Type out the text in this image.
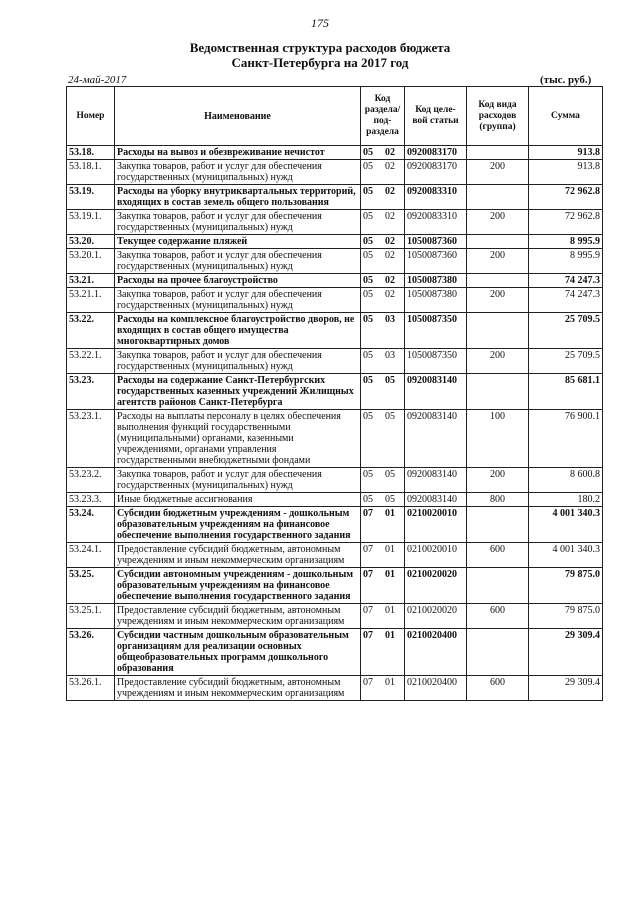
175
Ведомственная структура расходов бюджета
Санкт-Петербурга на 2017 год
24-май-2017	(тыс. руб.)
Номер	Наименование	Код раздела/ под- раздела	Код целе- вой статьи	Код вида расходов (группа)	Сумма
53.18.	Расходы на вывоз и обезвреживание нечистот	05 02	0920083170		913.8
53.18.1.	Закупка товаров, работ и услуг для обеспечения государственных (муниципальных) нужд	05 02	0920083170	200	913.8
53.19.	Расходы на уборку внутриквартальных территорий, входящих в состав земель общего пользования	05 02	0920083310		72 962.8
53.19.1.	Закупка товаров, работ и услуг для обеспечения государственных (муниципальных) нужд	05 02	0920083310	200	72 962.8
53.20.	Текущее содержание пляжей	05 02	1050087360		8 995.9
53.20.1.	Закупка товаров, работ и услуг для обеспечения государственных (муниципальных) нужд	05 02	1050087360	200	8 995.9
53.21.	Расходы на прочее благоустройство	05 02	1050087380		74 247.3
53.21.1.	Закупка товаров, работ и услуг для обеспечения государственных (муниципальных) нужд	05 02	1050087380	200	74 247.3
53.22.	Расходы на комплексное благоустройство дворов, не входящих в состав общего имущества многоквартирных домов	05 03	1050087350		25 709.5
53.22.1.	Закупка товаров, работ и услуг для обеспечения государственных (муниципальных) нужд	05 03	1050087350	200	25 709.5
53.23.	Расходы на содержание Санкт-Петербургских государственных казенных учреждений Жилищных агентств районов Санкт-Петербурга	05 05	0920083140		85 681.1
53.23.1.	Расходы на выплаты персоналу в целях обеспечения выполнения функций государственными (муниципальными) органами, казенными учреждениями, органами управления государственными внебюджетными фондами	05 05	0920083140	100	76 900.1
53.23.2.	Закупка товаров, работ и услуг для обеспечения государственных (муниципальных) нужд	05 05	0920083140	200	8 600.8
53.23.3.	Иные бюджетные ассигнования	05 05	0920083140	800	180.2
53.24.	Субсидии бюджетным учреждениям - дошкольным образовательным учреждениям на финансовое обеспечение выполнения государственного задания	07 01	0210020010		4 001 340.3
53.24.1.	Предоставление субсидий бюджетным, автономным учреждениям и иным некоммерческим организациям	07 01	0210020010	600	4 001 340.3
53.25.	Субсидии автономным учреждениям - дошкольным образовательным учреждениям на финансовое обеспечение выполнения государственного задания	07 01	0210020020		79 875.0
53.25.1.	Предоставление субсидий бюджетным, автономным учреждениям и иным некоммерческим организациям	07 01	0210020020	600	79 875.0
53.26.	Субсидии частным дошкольным образовательным организациям для реализации основных общеобразовательных программ дошкольного образования	07 01	0210020400		29 309.4
53.26.1.	Предоставление субсидий бюджетным, автономным учреждениям и иным некоммерческим организациям	07 01	0210020400	600	29 309.4
